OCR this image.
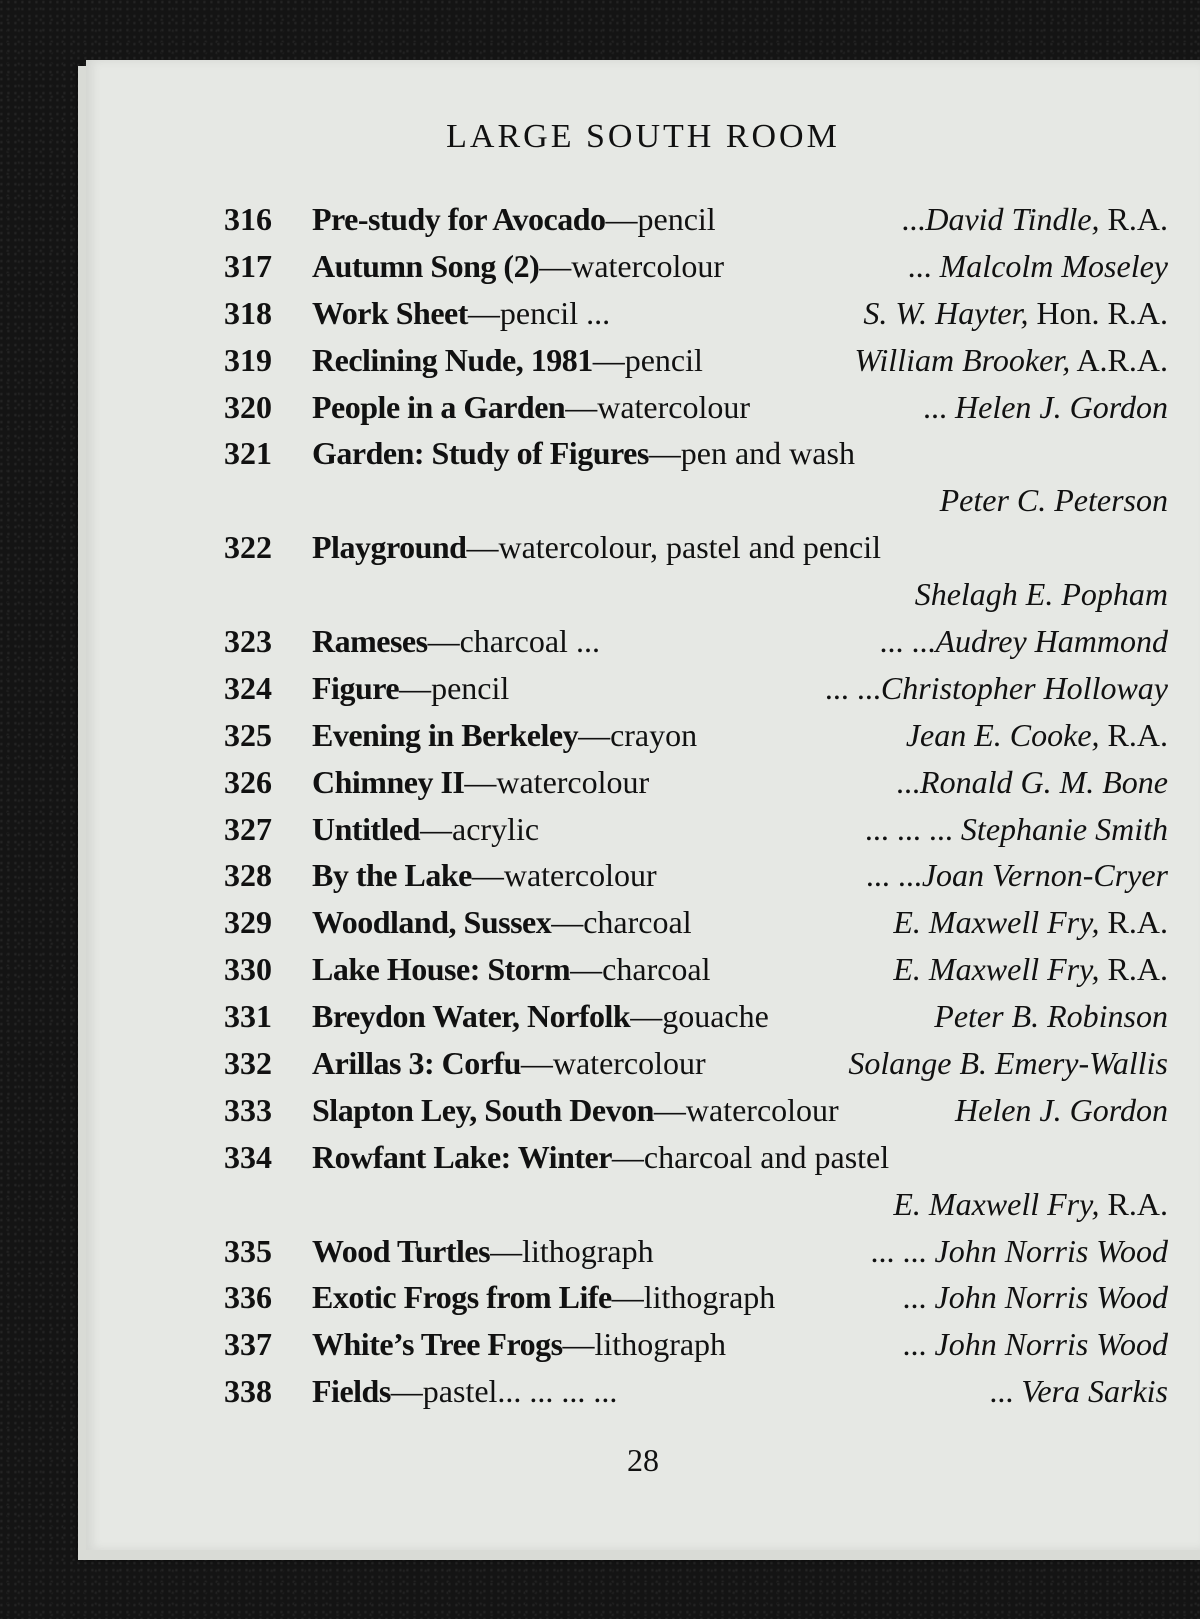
LARGE SOUTH ROOM
316 Pre-study for Avocado—pencil	...David Tindle, R.A.
317 Autumn Song (2)—watercolour	... Malcolm Moseley
318 Work Sheet—pencil ...	S. W. Hayter, Hon. R.A.
319 Reclining Nude, 1981—pencil	William Brooker, A.R.A.
320 People in a Garden—watercolour	... Helen J. Gordon
321 Garden: Study of Figures—pen and wash
Peter C. Peterson
322 Playground—watercolour, pastel and pencil
Shelagh E. Popham
323 Rameses—charcoal ...	... ...Audrey Hammond
324 Figure—pencil	... ...Christopher Holloway
325 Evening in Berkeley—crayon	Jean E. Cooke, R.A.
326 Chimney II—watercolour	...Ronald G. M. Bone
327 Untitled—acrylic	... ... ... Stephanie Smith
328 By the Lake—watercolour	... ...Joan Vernon-Cryer
329 Woodland, Sussex—charcoal	E. Maxwell Fry, R.A.
330 Lake House: Storm—charcoal	E. Maxwell Fry, R.A.
331 Breydon Water, Norfolk—gouache	Peter B. Robinson
332 Arillas 3: Corfu—watercolour	Solange B. Emery-Wallis
333 Slapton Ley, South Devon—watercolour	Helen J. Gordon
334 Rowfant Lake: Winter—charcoal and pastel
E. Maxwell Fry, R.A.
335 Wood Turtles—lithograph	... ... John Norris Wood
336 Exotic Frogs from Life—lithograph	... John Norris Wood
337 White’s Tree Frogs—lithograph	... John Norris Wood
338 Fields—pastel... ... ... ...	... Vera Sarkis
28
